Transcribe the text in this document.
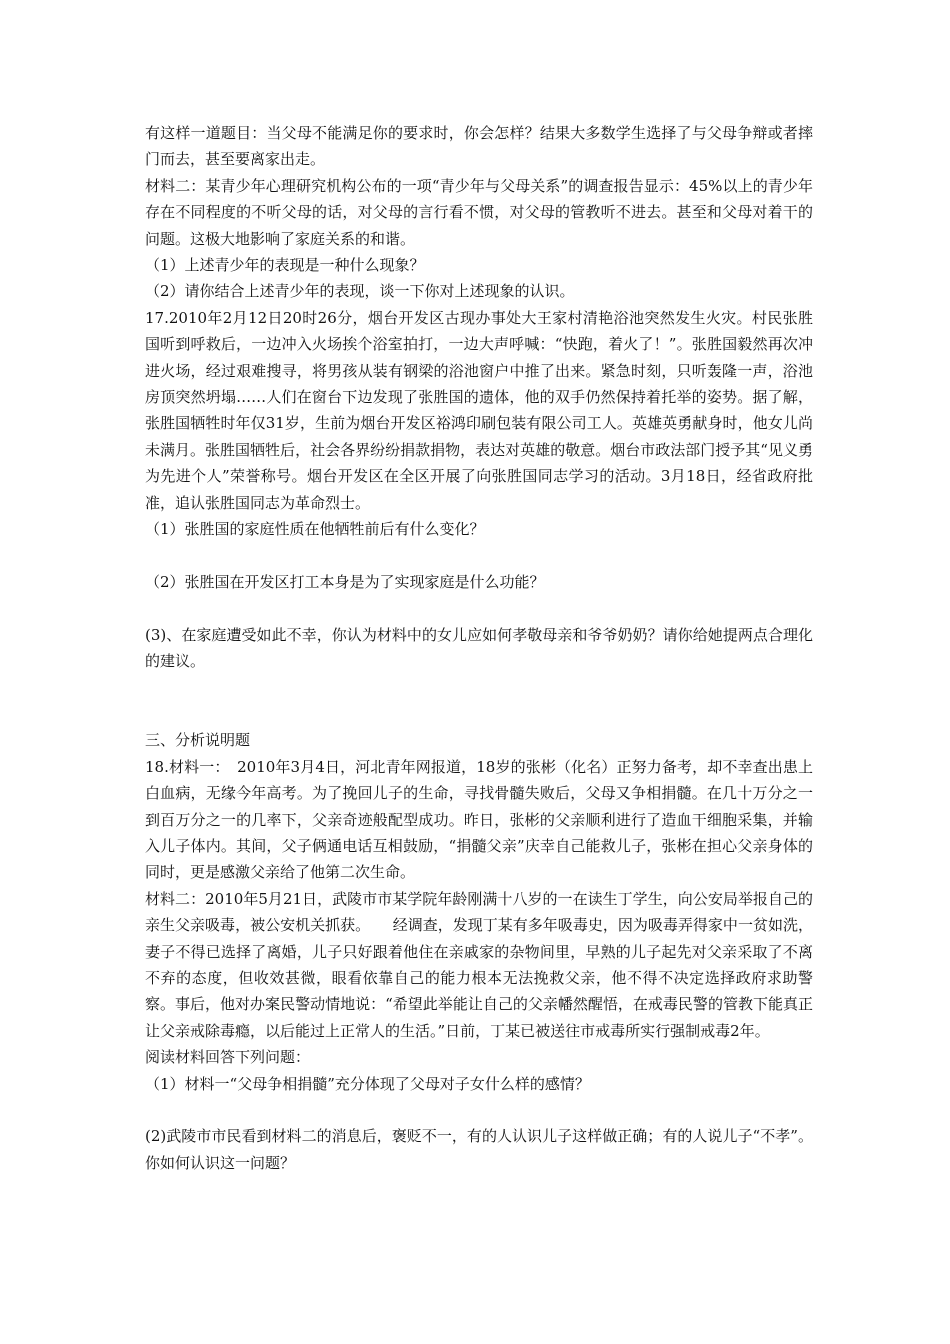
有这样一道题目：当父母不能满足你的要求时，你会怎样？结果大多数学生选择了与父母争辩或者摔门而去，甚至要离家出走。

材料二：某青少年心理研究机构公布的一项“青少年与父母关系”的调查报告显示：45%以上的青少年存在不同程度的不听父母的话，对父母的言行看不惯，对父母的管教听不进去。甚至和父母对着干的问题。这极大地影响了家庭关系的和谐。

（1）上述青少年的表现是一种什么现象？

（2）请你结合上述青少年的表现，谈一下你对上述现象的认识。

17.2010年2月12日20时26分，烟台开发区古现办事处大王家村清艳浴池突然发生火灾。村民张胜国听到呼救后，一边冲入火场挨个浴室拍打，一边大声呼喊：“快跑，着火了！”。张胜国毅然再次冲进火场，经过艰难搜寻，将男孩从装有钢梁的浴池窗户中推了出来。紧急时刻，只听轰隆一声，浴池房顶突然坍塌……人们在窗台下边发现了张胜国的遗体，他的双手仍然保持着托举的姿势。据了解，张胜国牺牲时年仅31岁，生前为烟台开发区裕鸿印刷包装有限公司工人。英雄英勇献身时，他女儿尚未满月。张胜国牺牲后，社会各界纷纷捐款捐物，表达对英雄的敬意。烟台市政法部门授予其“见义勇为先进个人”荣誉称号。烟台开发区在全区开展了向张胜国同志学习的活动。3月18日，经省政府批准，追认张胜国同志为革命烈士。

（1）张胜国的家庭性质在他牺牲前后有什么变化？

（2）张胜国在开发区打工本身是为了实现家庭是什么功能？

(3)、在家庭遭受如此不幸，你认为材料中的女儿应如何孝敬母亲和爷爷奶奶？请你给她提两点合理化的建议。

三、分析说明题

18.材料一：　2010年3月4日，河北青年网报道，18岁的张彬（化名）正努力备考，却不幸查出患上白血病，无缘今年高考。为了挽回儿子的生命，寻找骨髓失败后，父母又争相捐髓。在几十万分之一到百万分之一的几率下，父亲奇迹般配型成功。昨日，张彬的父亲顺利进行了造血干细胞采集，并输入儿子体内。其间，父子俩通电话互相鼓励，“捐髓父亲”庆幸自己能救儿子，张彬在担心父亲身体的同时，更是感激父亲给了他第二次生命。

材料二：2010年5月21日，武陵市市某学院年龄刚满十八岁的一在读生丁学生，向公安局举报自己的亲生父亲吸毒，被公安机关抓获。　　经调查，发现丁某有多年吸毒史，因为吸毒弄得家中一贫如洗，妻子不得已选择了离婚，儿子只好跟着他住在亲戚家的杂物间里，早熟的儿子起先对父亲采取了不离不弃的态度，但收效甚微，眼看依靠自己的能力根本无法挽救父亲，他不得不决定选择政府求助警察。事后，他对办案民警动情地说：“希望此举能让自己的父亲幡然醒悟，在戒毒民警的管教下能真正让父亲戒除毒瘾，以后能过上正常人的生活。”日前，丁某已被送往市戒毒所实行强制戒毒2年。

阅读材料回答下列问题：

（1）材料一“父母争相捐髓”充分体现了父母对子女什么样的感情？

(2)武陵市市民看到材料二的消息后，褒贬不一，有的人认识儿子这样做正确；有的人说儿子“不孝”。你如何认识这一问题？
